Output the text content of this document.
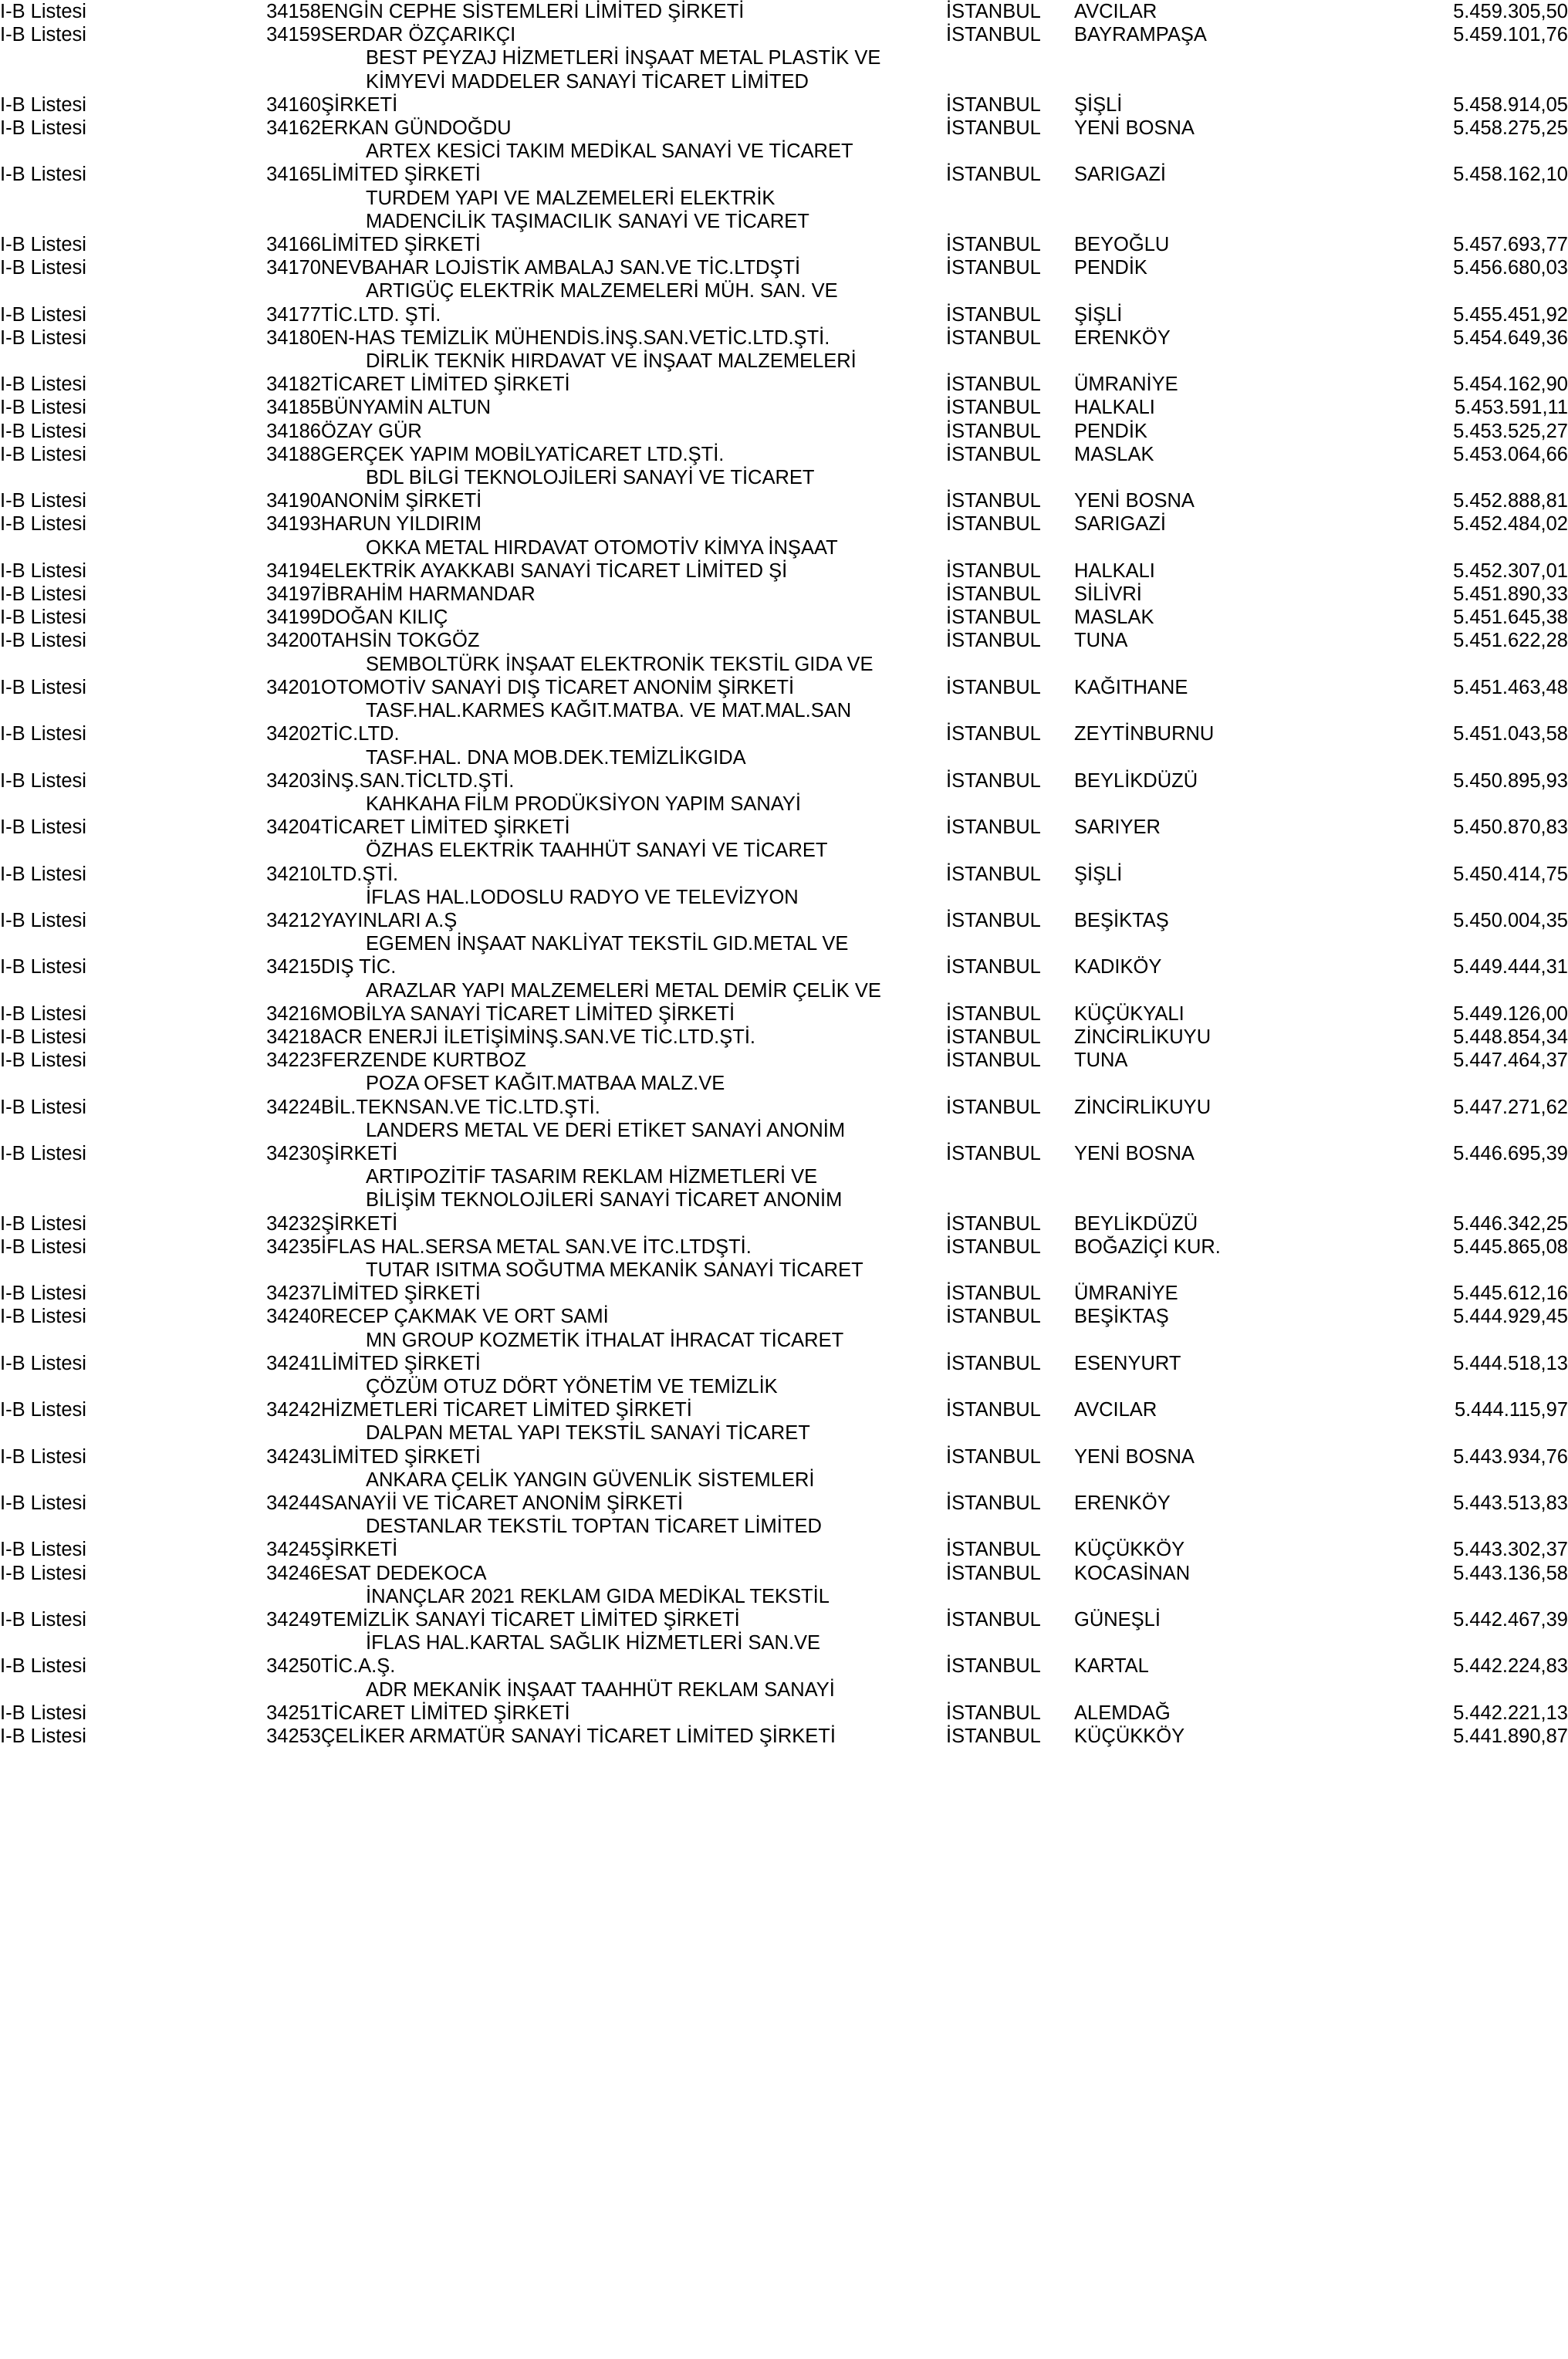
I-B Listesi	34158	ENGİN CEPHE SİSTEMLERİ LİMİTED ŞİRKETİ	İSTANBUL	AVCILAR	5.459.305,50
I-B Listesi	34159	SERDAR ÖZÇARIKÇI	İSTANBUL	BAYRAMPAŞA	5.459.101,76
		BEST PEYZAJ HİZMETLERİ İNŞAAT METAL PLASTİK VE			
		KİMYEVİ MADDELER SANAYİ TİCARET LİMİTED			
I-B Listesi	34160	ŞİRKETİ	İSTANBUL	ŞİŞLİ	5.458.914,05
I-B Listesi	34162	ERKAN GÜNDOĞDU	İSTANBUL	YENİ BOSNA	5.458.275,25
		ARTEX KESİCİ TAKIM MEDİKAL SANAYİ VE TİCARET			
I-B Listesi	34165	LİMİTED ŞİRKETİ	İSTANBUL	SARIGAZİ	5.458.162,10
		TURDEM YAPI VE MALZEMELERİ ELEKTRİK			
		MADENCİLİK TAŞIMACILIK SANAYİ VE TİCARET			
I-B Listesi	34166	LİMİTED ŞİRKETİ	İSTANBUL	BEYOĞLU	5.457.693,77
I-B Listesi	34170	NEVBAHAR LOJİSTİK AMBALAJ SAN.VE TİC.LTDŞTİ	İSTANBUL	PENDİK	5.456.680,03
		ARTIGÜÇ ELEKTRİK MALZEMELERİ MÜH. SAN. VE			
I-B Listesi	34177	TİC.LTD. ŞTİ.	İSTANBUL	ŞİŞLİ	5.455.451,92
I-B Listesi	34180	EN-HAS TEMİZLİK MÜHENDİS.İNŞ.SAN.VETİC.LTD.ŞTİ.	İSTANBUL	ERENKÖY	5.454.649,36
		DİRLİK TEKNİK HIRDAVAT VE İNŞAAT MALZEMELERİ			
I-B Listesi	34182	TİCARET LİMİTED ŞİRKETİ	İSTANBUL	ÜMRANİYE	5.454.162,90
I-B Listesi	34185	BÜNYAMİN ALTUN	İSTANBUL	HALKALI	5.453.591,11
I-B Listesi	34186	ÖZAY GÜR	İSTANBUL	PENDİK	5.453.525,27
I-B Listesi	34188	GERÇEK YAPIM MOBİLYATİCARET LTD.ŞTİ.	İSTANBUL	MASLAK	5.453.064,66
		BDL BİLGİ TEKNOLOJİLERİ SANAYİ VE TİCARET			
I-B Listesi	34190	ANONİM ŞİRKETİ	İSTANBUL	YENİ BOSNA	5.452.888,81
I-B Listesi	34193	HARUN YILDIRIM	İSTANBUL	SARIGAZİ	5.452.484,02
		OKKA METAL HIRDAVAT OTOMOTİV KİMYA İNŞAAT			
I-B Listesi	34194	ELEKTRİK AYAKKABI SANAYİ TİCARET LİMİTED Şİ	İSTANBUL	HALKALI	5.452.307,01
I-B Listesi	34197	İBRAHİM HARMANDAR	İSTANBUL	SİLİVRİ	5.451.890,33
I-B Listesi	34199	DOĞAN KILIÇ	İSTANBUL	MASLAK	5.451.645,38
I-B Listesi	34200	TAHSİN TOKGÖZ	İSTANBUL	TUNA	5.451.622,28
		SEMBOLTÜRK İNŞAAT ELEKTRONİK TEKSTİL GIDA VE			
I-B Listesi	34201	OTOMOTİV SANAYİ DIŞ TİCARET ANONİM ŞİRKETİ	İSTANBUL	KAĞITHANE	5.451.463,48
		TASF.HAL.KARMES KAĞIT.MATBA. VE MAT.MAL.SAN			
I-B Listesi	34202	TİC.LTD.	İSTANBUL	ZEYTİNBURNU	5.451.043,58
		TASF.HAL. DNA MOB.DEK.TEMİZLİKGIDA			
I-B Listesi	34203	İNŞ.SAN.TİCLTD.ŞTİ.	İSTANBUL	BEYLİKDÜZÜ	5.450.895,93
		KAHKAHA FİLM PRODÜKSİYON YAPIM SANAYİ			
I-B Listesi	34204	TİCARET LİMİTED ŞİRKETİ	İSTANBUL	SARIYER	5.450.870,83
		ÖZHAS ELEKTRİK TAAHHÜT SANAYİ VE TİCARET			
I-B Listesi	34210	LTD.ŞTİ.	İSTANBUL	ŞİŞLİ	5.450.414,75
		İFLAS HAL.LODOSLU RADYO VE TELEVİZYON			
I-B Listesi	34212	YAYINLARI A.Ş	İSTANBUL	BEŞİKTAŞ	5.450.004,35
		EGEMEN İNŞAAT NAKLİYAT TEKSTİL GID.METAL VE			
I-B Listesi	34215	DIŞ TİC.	İSTANBUL	KADIKÖY	5.449.444,31
		ARAZLAR YAPI MALZEMELERİ METAL DEMİR ÇELİK VE			
I-B Listesi	34216	MOBİLYA SANAYİ TİCARET LİMİTED ŞİRKETİ	İSTANBUL	KÜÇÜKYALI	5.449.126,00
I-B Listesi	34218	ACR ENERJİ İLETİŞİMİNŞ.SAN.VE TİC.LTD.ŞTİ.	İSTANBUL	ZİNCİRLİKUYU	5.448.854,34
I-B Listesi	34223	FERZENDE KURTBOZ	İSTANBUL	TUNA	5.447.464,37
		POZA OFSET KAĞIT.MATBAA MALZ.VE			
I-B Listesi	34224	BİL.TEKNSAN.VE TİC.LTD.ŞTİ.	İSTANBUL	ZİNCİRLİKUYU	5.447.271,62
		LANDERS METAL VE DERİ ETİKET SANAYİ ANONİM			
I-B Listesi	34230	ŞİRKETİ	İSTANBUL	YENİ BOSNA	5.446.695,39
		ARTIPOZİTİF TASARIM REKLAM HİZMETLERİ VE			
		BİLİŞİM TEKNOLOJİLERİ SANAYİ TİCARET ANONİM			
I-B Listesi	34232	ŞİRKETİ	İSTANBUL	BEYLİKDÜZÜ	5.446.342,25
I-B Listesi	34235	İFLAS HAL.SERSA METAL SAN.VE İTC.LTDŞTİ.	İSTANBUL	BOĞAZİÇİ KUR.	5.445.865,08
		TUTAR ISITMA SOĞUTMA MEKANİK SANAYİ TİCARET			
I-B Listesi	34237	LİMİTED ŞİRKETİ	İSTANBUL	ÜMRANİYE	5.445.612,16
I-B Listesi	34240	RECEP ÇAKMAK VE ORT SAMİ	İSTANBUL	BEŞİKTAŞ	5.444.929,45
		MN GROUP KOZMETİK İTHALAT İHRACAT TİCARET			
I-B Listesi	34241	LİMİTED ŞİRKETİ	İSTANBUL	ESENYURT	5.444.518,13
		ÇÖZÜM OTUZ DÖRT YÖNETİM VE TEMİZLİK			
I-B Listesi	34242	HİZMETLERİ TİCARET LİMİTED ŞİRKETİ	İSTANBUL	AVCILAR	5.444.115,97
		DALPAN METAL YAPI TEKSTİL SANAYİ TİCARET			
I-B Listesi	34243	LİMİTED ŞİRKETİ	İSTANBUL	YENİ BOSNA	5.443.934,76
		ANKARA ÇELİK YANGIN GÜVENLİK SİSTEMLERİ			
I-B Listesi	34244	SANAYİİ VE TİCARET ANONİM ŞİRKETİ	İSTANBUL	ERENKÖY	5.443.513,83
		DESTANLAR TEKSTİL TOPTAN TİCARET LİMİTED			
I-B Listesi	34245	ŞİRKETİ	İSTANBUL	KÜÇÜKKÖY	5.443.302,37
I-B Listesi	34246	ESAT DEDEKOCA	İSTANBUL	KOCASİNAN	5.443.136,58
		İNANÇLAR 2021 REKLAM GIDA MEDİKAL TEKSTİL			
I-B Listesi	34249	TEMİZLİK SANAYİ TİCARET LİMİTED ŞİRKETİ	İSTANBUL	GÜNEŞLİ	5.442.467,39
		İFLAS HAL.KARTAL SAĞLIK HİZMETLERİ SAN.VE			
I-B Listesi	34250	TİC.A.Ş.	İSTANBUL	KARTAL	5.442.224,83
		ADR MEKANİK İNŞAAT TAAHHÜT REKLAM SANAYİ			
I-B Listesi	34251	TİCARET LİMİTED ŞİRKETİ	İSTANBUL	ALEMDAĞ	5.442.221,13
I-B Listesi	34253	ÇELİKER ARMATÜR SANAYİ TİCARET LİMİTED ŞİRKETİ	İSTANBUL	KÜÇÜKKÖY	5.441.890,87
